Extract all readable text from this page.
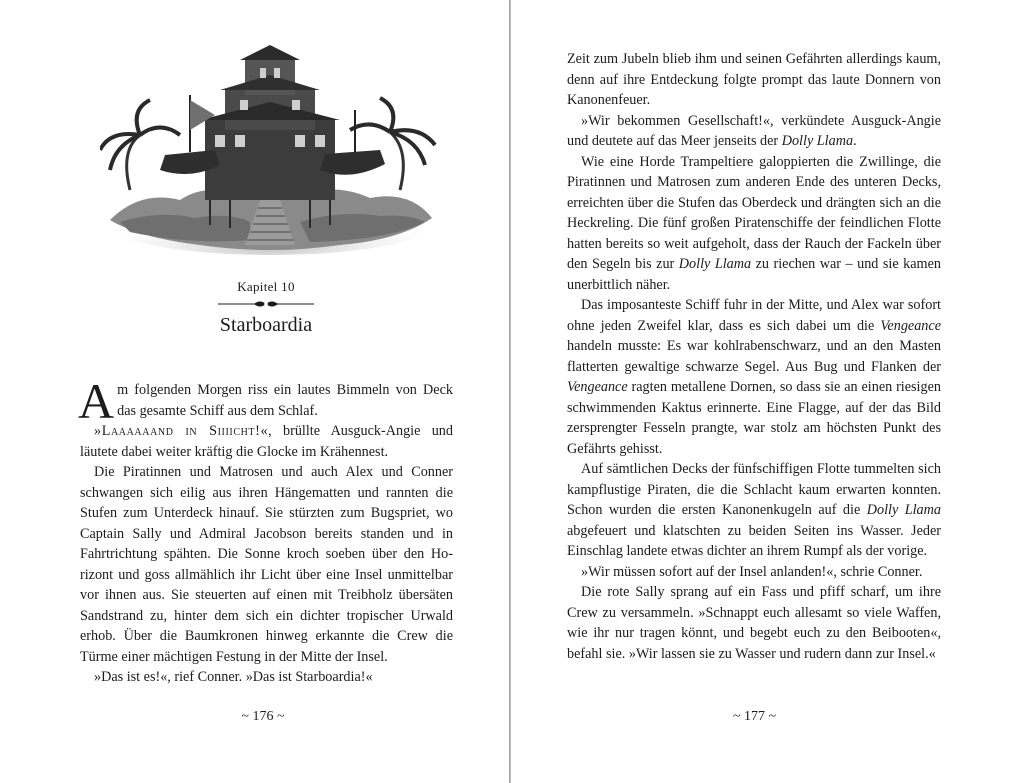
Kapitel 10
Starboardia

Am folgenden Morgen riss ein lautes Bimmeln von Deck das gesamte Schiff aus dem Schlaf.

»Laaaaaand in Siiiicht!«, brüllte Ausguck-Angie und läutete dabei weiter kräftig die Glocke im Krähennest.

Die Piratinnen und Matrosen und auch Alex und Conner schwangen sich eilig aus ihren Hängematten und rannten die Stufen zum Unterdeck hinauf. Sie stürzten zum Bugspriet, wo Captain Sally und Admiral Jacobson bereits standen und in Fahrtrichtung spähten. Die Sonne kroch soeben über den Horizont und goss allmählich ihr Licht über eine Insel unmittelbar vor ihnen aus. Sie steuerten auf einen mit Treibholz übersäten Sandstrand zu, hinter dem sich ein dichter tropischer Urwald erhob. Über die Baumkronen hinweg erkannte die Crew die Türme einer mächtigen Festung in der Mitte der Insel.

»Das ist es!«, rief Conner. »Das ist Starboardia!«

~ 176 ~

Zeit zum Jubeln blieb ihm und seinen Gefährten allerdings kaum, denn auf ihre Entdeckung folgte prompt das laute Donnern von Kanonenfeuer.

»Wir bekommen Gesellschaft!«, verkündete Ausguck-Angie und deutete auf das Meer jenseits der Dolly Llama.

Wie eine Horde Trampeltiere galoppierten die Zwillinge, die Piratinnen und Matrosen zum anderen Ende des unteren Decks, erreichten über die Stufen das Oberdeck und drängten sich an die Heckreling. Die fünf großen Piratenschiffe der feindlichen Flotte hatten bereits so weit aufgeholt, dass der Rauch der Fackeln über den Segeln bis zur Dolly Llama zu riechen war – und sie kamen unerbittlich näher.

Das imposanteste Schiff fuhr in der Mitte, und Alex war sofort ohne jeden Zweifel klar, dass es sich dabei um die Vengeance handeln musste: Es war kohlrabenschwarz, und an den Masten flatterten gewaltige schwarze Segel. Aus Bug und Flanken der Vengeance ragten metallene Dornen, so dass sie an einen riesigen schwimmenden Kaktus erinnerte. Eine Flagge, auf der das Bild zersprengter Fesseln prangte, war stolz am höchsten Punkt des Gefährts gehisst.

Auf sämtlichen Decks der fünfschiffigen Flotte tummelten sich kampflustige Piraten, die die Schlacht kaum erwarten konnten. Schon wurden die ersten Kanonenkugeln auf die Dolly Llama abgefeuert und klatschten zu beiden Seiten ins Wasser. Jeder Einschlag landete etwas dichter an ihrem Rumpf als der vorige.

»Wir müssen sofort auf der Insel anlanden!«, schrie Conner.

Die rote Sally sprang auf ein Fass und pfiff scharf, um ihre Crew zu versammeln. »Schnappt euch allesamt so viele Waffen, wie ihr nur tragen könnt, und begebt euch zu den Beibooten«, befahl sie. »Wir lassen sie zu Wasser und rudern dann zur Insel.«

~ 177 ~
